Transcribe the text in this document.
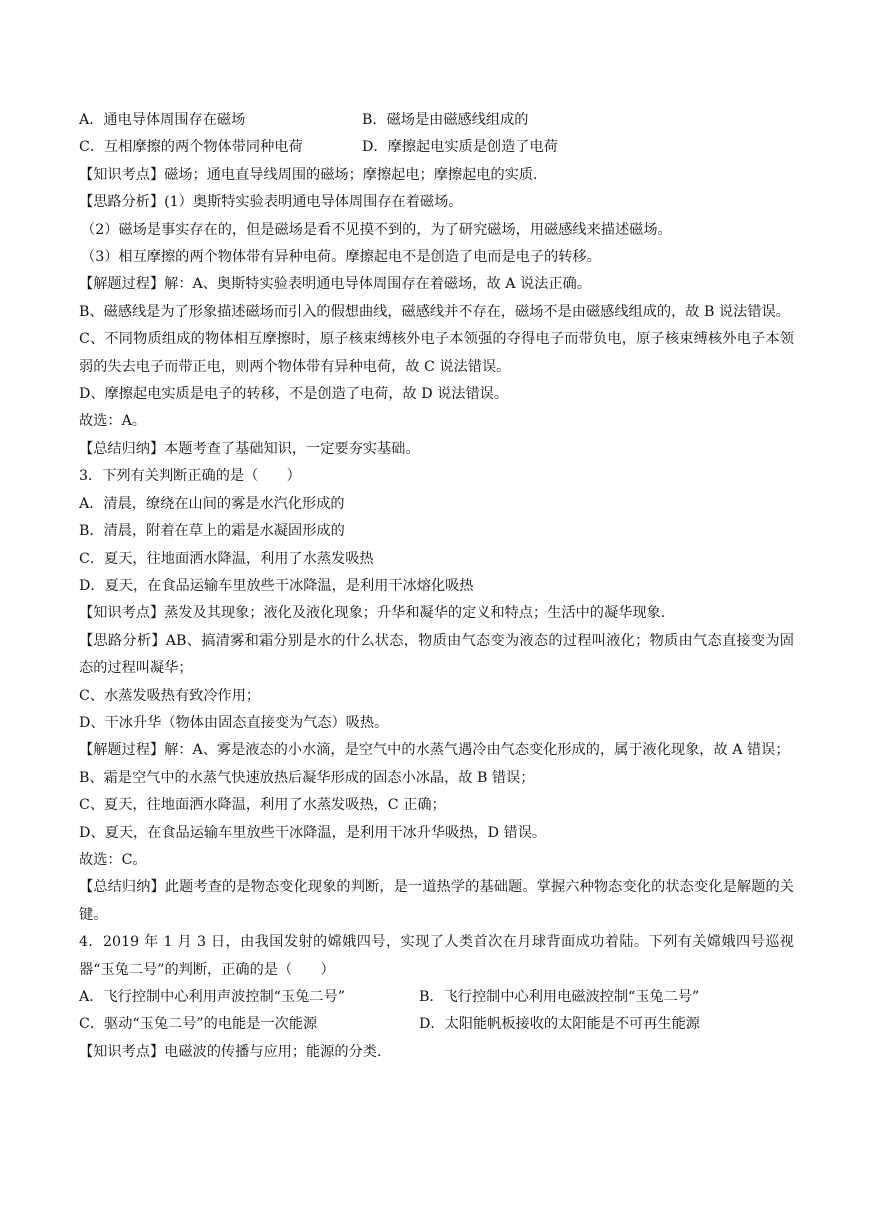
A．通电导体周围存在磁场	B．磁场是由磁感线组成的
C．互相摩擦的两个物体带同种电荷	D．摩擦起电实质是创造了电荷
【知识考点】磁场；通电直导线周围的磁场；摩擦起电；摩擦起电的实质．
【思路分析】(1）奥斯特实验表明通电导体周围存在着磁场。
（2）磁场是事实存在的，但是磁场是看不见摸不到的，为了研究磁场，用磁感线来描述磁场。
（3）相互摩擦的两个物体带有异种电荷。摩擦起电不是创造了电而是电子的转移。
【解题过程】解：A、奥斯特实验表明通电导体周围存在着磁场，故 A 说法正确。
B、磁感线是为了形象描述磁场而引入的假想曲线，磁感线并不存在，磁场不是由磁感线组成的，故 B 说法错误。
C、不同物质组成的物体相互摩擦时，原子核束缚核外电子本领强的夺得电子而带负电，原子核束缚核外电子本领弱的失去电子而带正电，则两个物体带有异种电荷，故 C 说法错误。
D、摩擦起电实质是电子的转移，不是创造了电荷，故 D 说法错误。
故选：A。
【总结归纳】本题考查了基础知识，一定要夯实基础。
3．下列有关判断正确的是（　　）
A．清晨，缭绕在山间的雾是水汽化形成的
B．清晨，附着在草上的霜是水凝固形成的
C．夏天，往地面洒水降温，利用了水蒸发吸热
D．夏天，在食品运输车里放些干冰降温，是利用干冰熔化吸热
【知识考点】蒸发及其现象；液化及液化现象；升华和凝华的定义和特点；生活中的凝华现象．
【思路分析】AB、搞清雾和霜分别是水的什么状态，物质由气态变为液态的过程叫液化；物质由气态直接变为固态的过程叫凝华；
C、水蒸发吸热有致冷作用；
D、干冰升华（物体由固态直接变为气态）吸热。
【解题过程】解：A、雾是液态的小水滴，是空气中的水蒸气遇冷由气态变化形成的，属于液化现象，故 A 错误；
B、霜是空气中的水蒸气快速放热后凝华形成的固态小冰晶，故 B 错误；
C、夏天，往地面洒水降温，利用了水蒸发吸热，C 正确；
D、夏天，在食品运输车里放些干冰降温，是利用干冰升华吸热，D 错误。
故选：C。
【总结归纳】此题考查的是物态变化现象的判断，是一道热学的基础题。掌握六种物态变化的状态变化是解题的关键。
4．2019 年 1 月 3 日，由我国发射的嫦娥四号，实现了人类首次在月球背面成功着陆。下列有关嫦娥四号巡视器“玉兔二号”的判断，正确的是（　　）
A．飞行控制中心利用声波控制“玉兔二号”	B．飞行控制中心利用电磁波控制“玉兔二号”
C．驱动“玉兔二号”的电能是一次能源	D．太阳能帆板接收的太阳能是不可再生能源
【知识考点】电磁波的传播与应用；能源的分类．
